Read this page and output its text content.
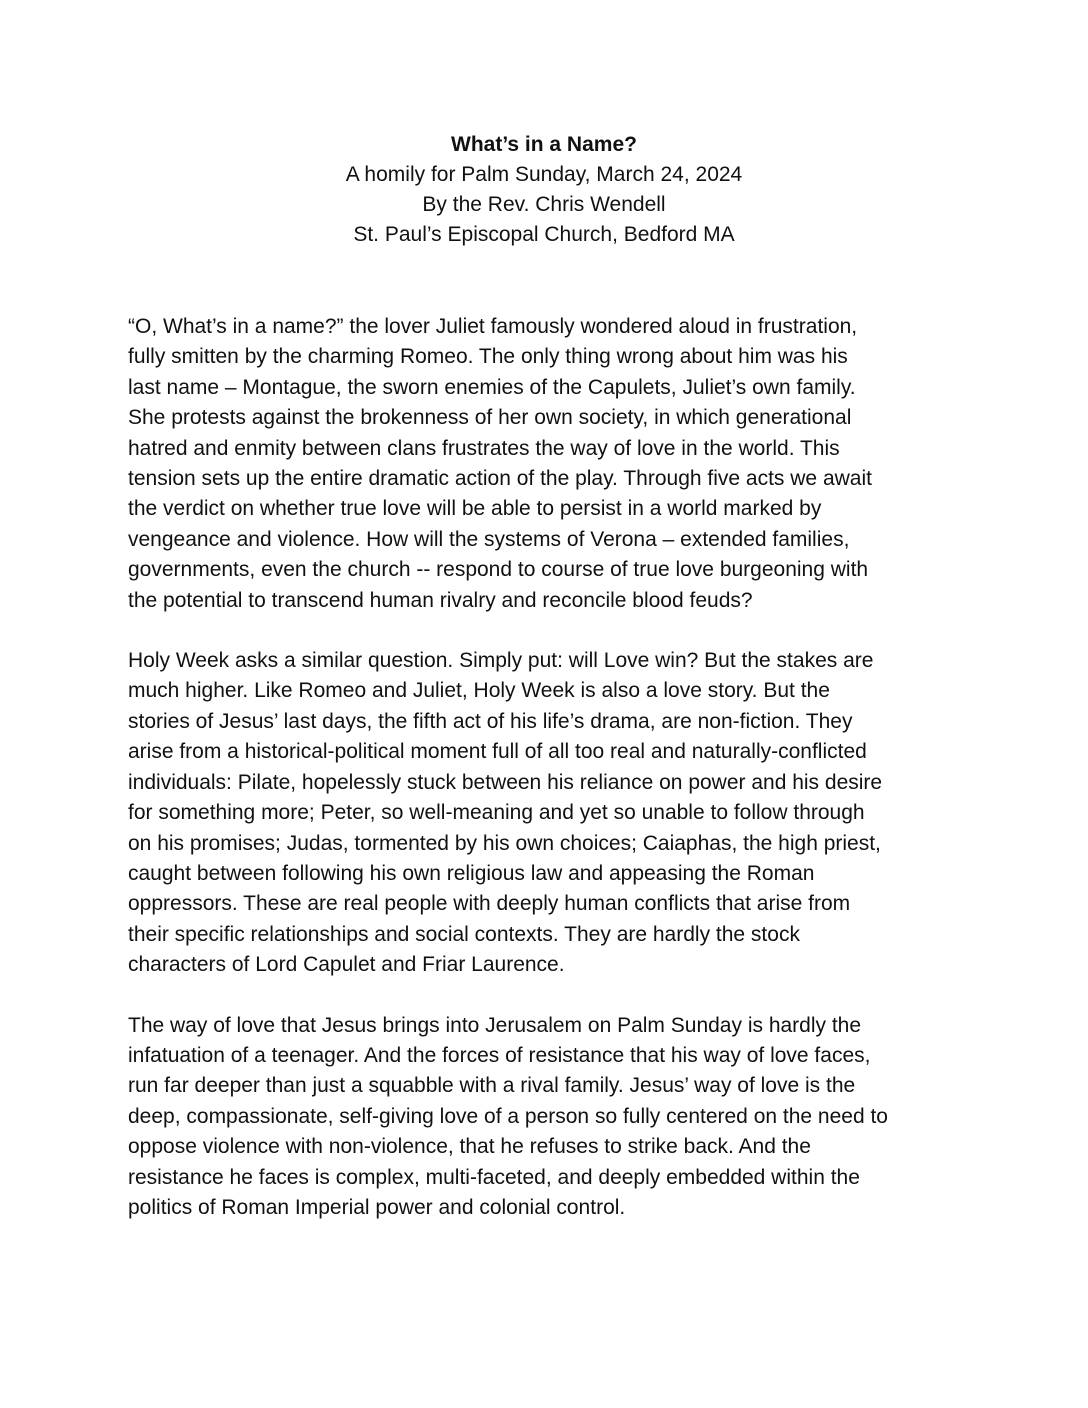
What’s in a Name?
A homily for Palm Sunday, March 24, 2024
By the Rev. Chris Wendell
St. Paul’s Episcopal Church, Bedford MA

“O, What’s in a name?” the lover Juliet famously wondered aloud in frustration,
fully smitten by the charming Romeo. The only thing wrong about him was his
last name – Montague, the sworn enemies of the Capulets, Juliet’s own family.
She protests against the brokenness of her own society, in which generational
hatred and enmity between clans frustrates the way of love in the world. This
tension sets up the entire dramatic action of the play. Through five acts we await
the verdict on whether true love will be able to persist in a world marked by
vengeance and violence. How will the systems of Verona – extended families,
governments, even the church -- respond to course of true love burgeoning with
the potential to transcend human rivalry and reconcile blood feuds?

Holy Week asks a similar question. Simply put: will Love win? But the stakes are
much higher. Like Romeo and Juliet, Holy Week is also a love story. But the
stories of Jesus’ last days, the fifth act of his life’s drama, are non-fiction. They
arise from a historical-political moment full of all too real and naturally-conflicted
individuals: Pilate, hopelessly stuck between his reliance on power and his desire
for something more; Peter, so well-meaning and yet so unable to follow through
on his promises; Judas, tormented by his own choices; Caiaphas, the high priest,
caught between following his own religious law and appeasing the Roman
oppressors. These are real people with deeply human conflicts that arise from
their specific relationships and social contexts. They are hardly the stock
characters of Lord Capulet and Friar Laurence.

The way of love that Jesus brings into Jerusalem on Palm Sunday is hardly the
infatuation of a teenager. And the forces of resistance that his way of love faces,
run far deeper than just a squabble with a rival family. Jesus’ way of love is the
deep, compassionate, self-giving love of a person so fully centered on the need to
oppose violence with non-violence, that he refuses to strike back. And the
resistance he faces is complex, multi-faceted, and deeply embedded within the
politics of Roman Imperial power and colonial control.
